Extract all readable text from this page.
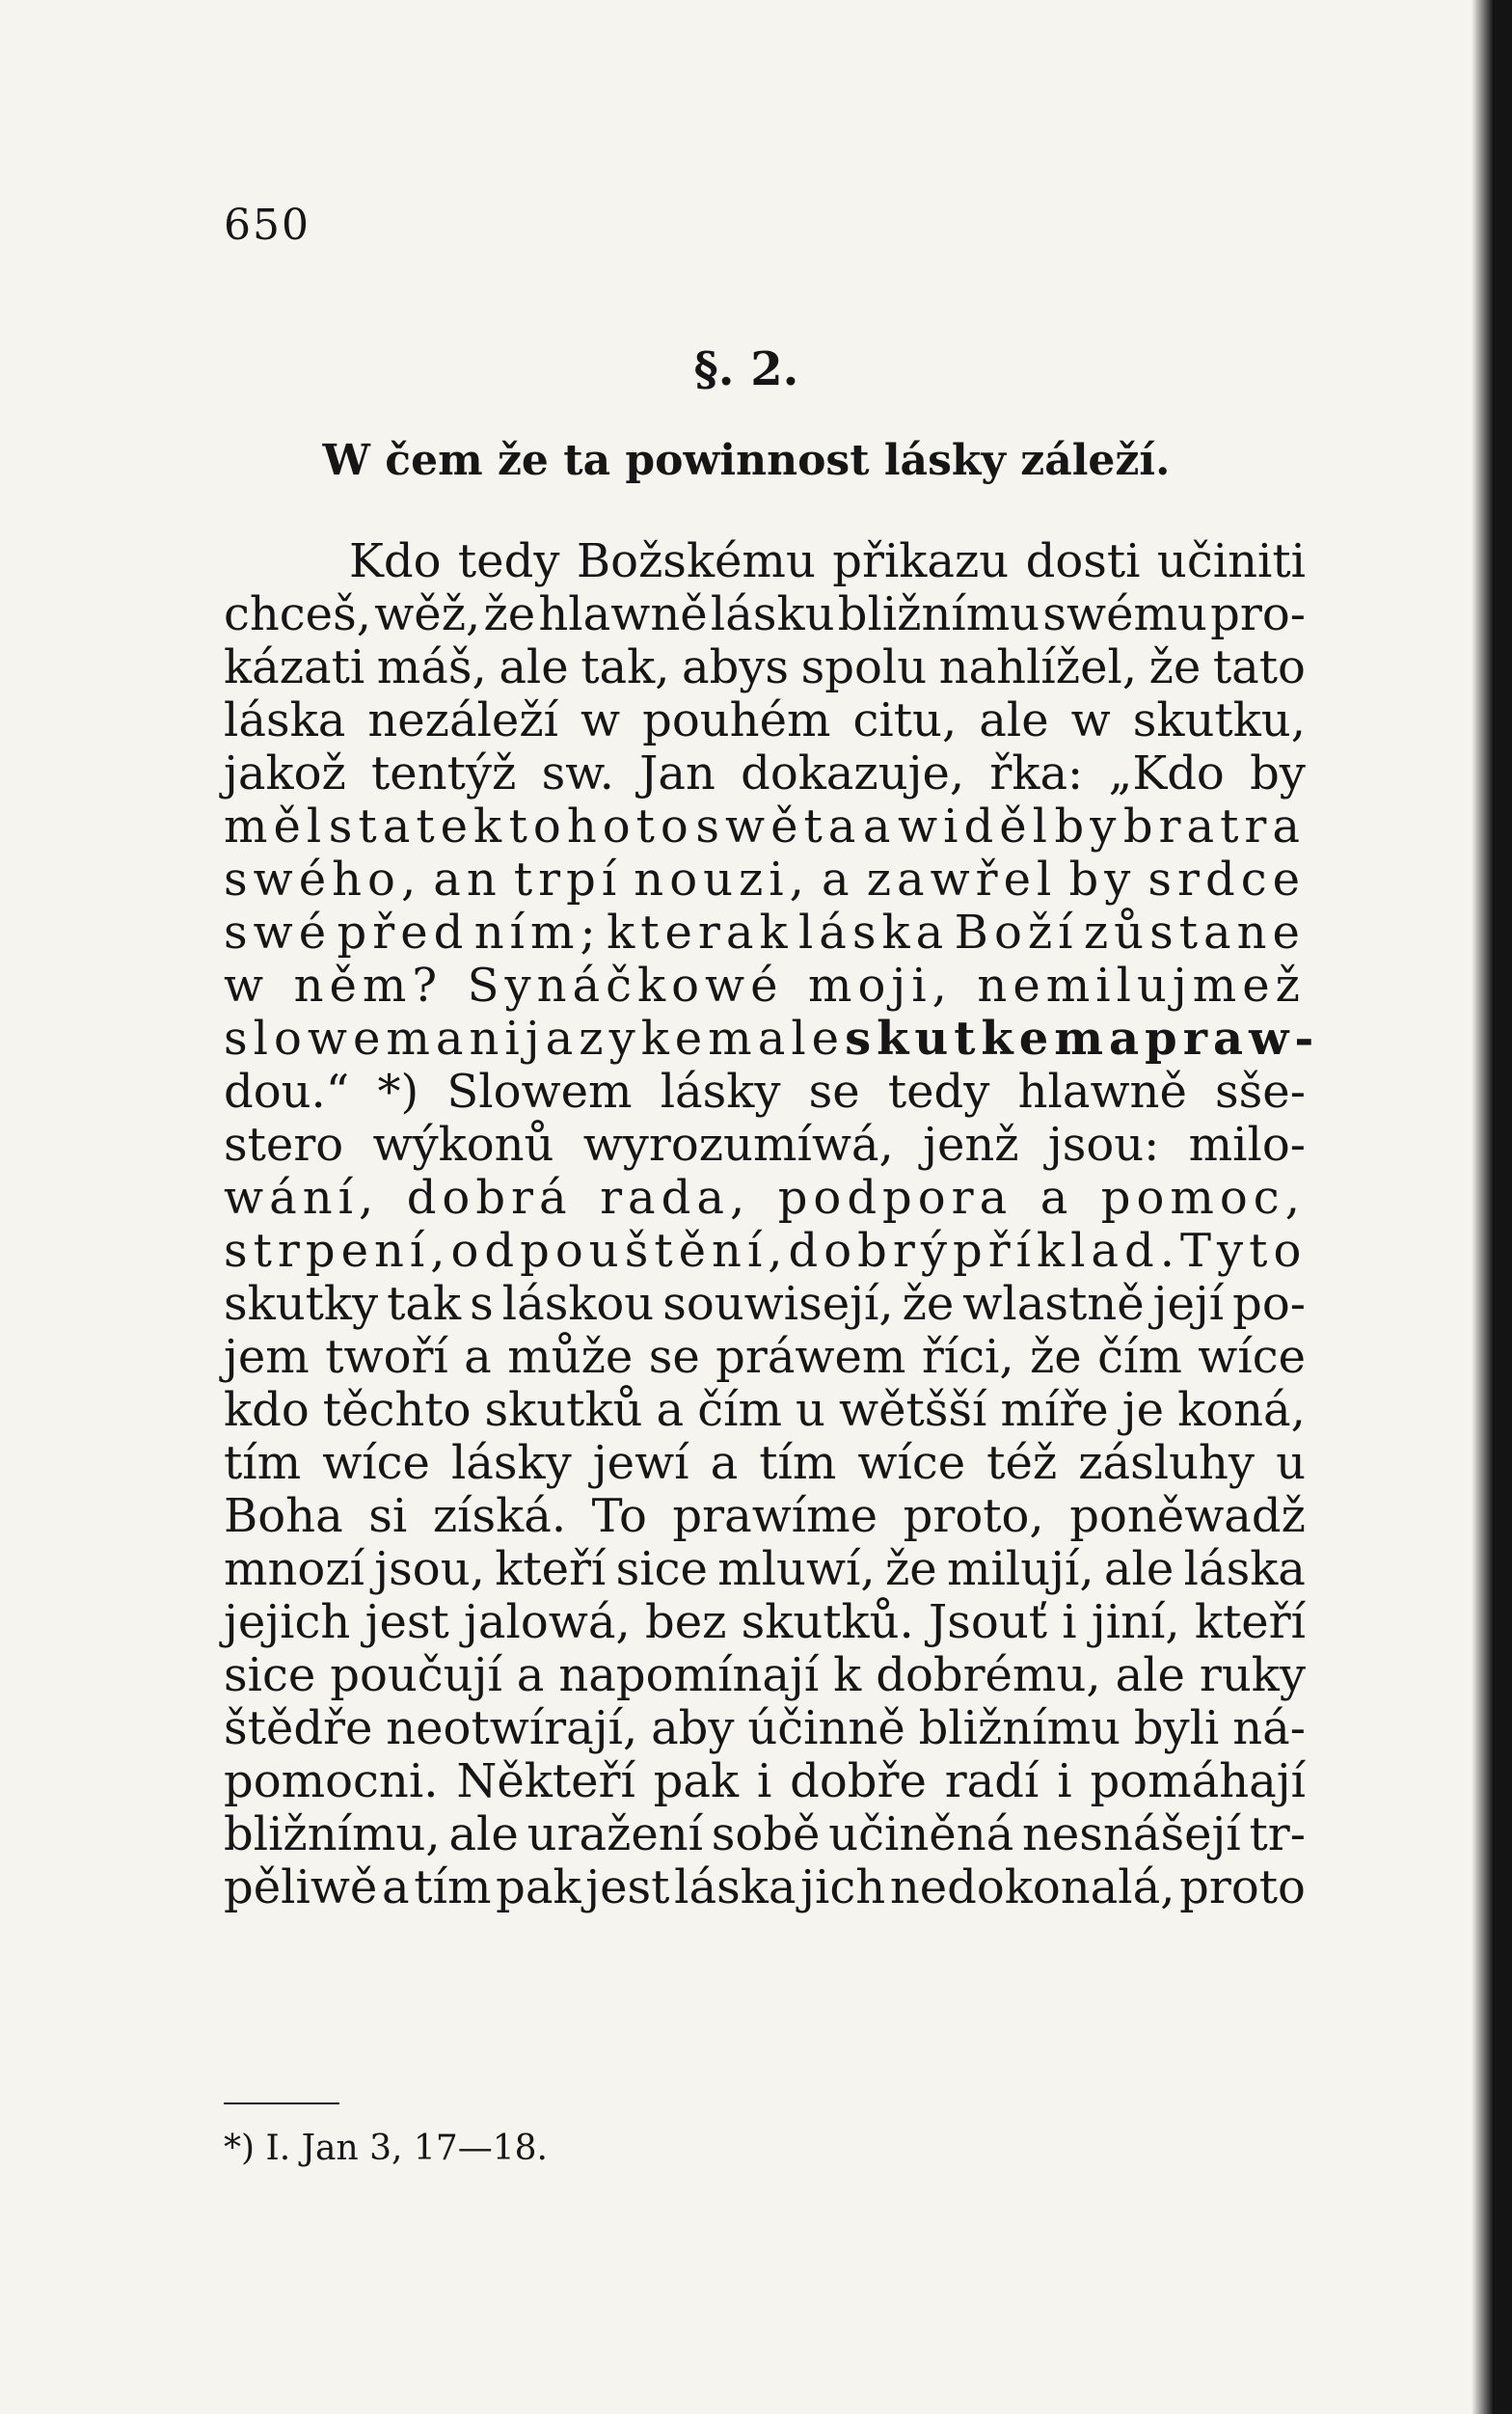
650
§. 2.
W čem že ta powinnost lásky záleží.
Kdo tedy Božskému přikazu dosti učiniti
chceš, wěž, že hlawně lásku bližnímu swému pro-
kázati máš, ale tak, abys spolu nahlížel, že tato
láska nezáleží w pouhém citu, ale w skutku,
jakož tentýž sw. Jan dokazuje, řka: „Kdo by
měl statek tohoto swěta a widěl by bratra
swého, an trpí nouzi, a zawřel by srdce
swé před ním; kterak láska Boží zůstane
w něm? Synáčkowé moji, nemilujmež
slowem ani jazykem ale skutkem a praw-
dou.“ *) Slowem lásky se tedy hlawně sše-
stero wýkonů wyrozumíwá, jenž jsou: milo-
wání, dobrá rada, podpora a pomoc,
strpení, odpouštění, dobrý příklad. Tyto
skutky tak s láskou souwisejí, že wlastně její po-
jem twoří a může se práwem říci, že čím wíce
kdo těchto skutků a čím u wětšší míře je koná,
tím wíce lásky jewí a tím wíce též zásluhy u
Boha si získá. To prawíme proto, poněwadž
mnozí jsou, kteří sice mluwí, že milují, ale láska
jejich jest jalowá, bez skutků. Jsouť i jiní, kteří
sice poučují a napomínají k dobrému, ale ruky
štědře neotwírají, aby účinně bližnímu byli ná-
pomocni. Někteří pak i dobře radí i pomáhají
bližnímu, ale uražení sobě učiněná nesnášejí tr-
pěliwě a tím pak jest láska jich nedokonalá, proto
*) I. Jan 3, 17—18.
